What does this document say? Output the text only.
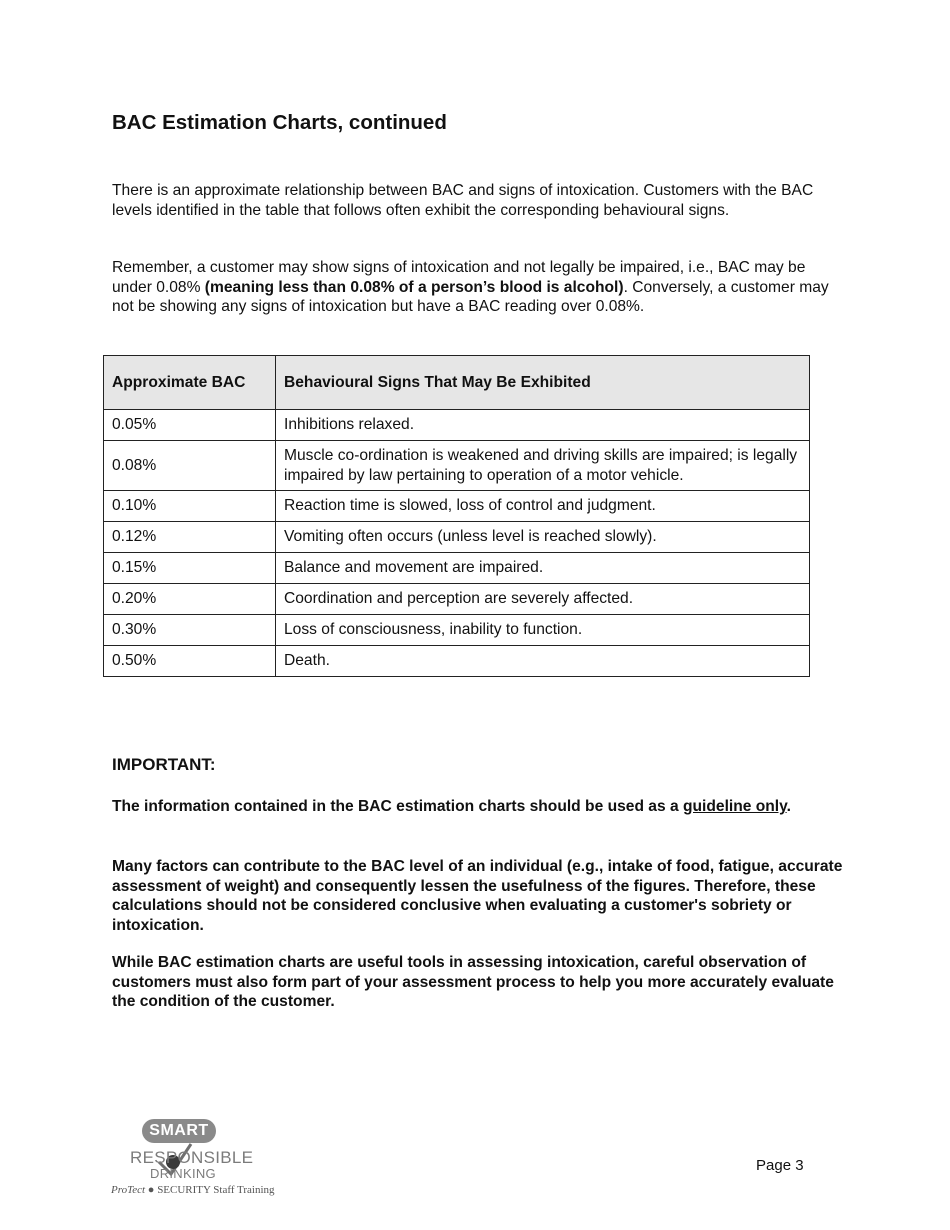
BAC Estimation Charts, continued
There is an approximate relationship between BAC and signs of intoxication. Customers with the BAC levels identified in the table that follows often exhibit the corresponding behavioural signs.
Remember, a customer may show signs of intoxication and not legally be impaired, i.e., BAC may be under 0.08% (meaning less than 0.08% of a person’s blood is alcohol). Conversely, a customer may not be showing any signs of intoxication but have a BAC reading over 0.08%.
Approximate BAC	Behavioural Signs That May Be Exhibited
0.05%	Inhibitions relaxed.
0.08%	Muscle co-ordination is weakened and driving skills are impaired; is legally impaired by law pertaining to operation of a motor vehicle.
0.10%	Reaction time is slowed, loss of control and judgment.
0.12%	Vomiting often occurs (unless level is reached slowly).
0.15%	Balance and movement are impaired.
0.20%	Coordination and perception are severely affected.
0.30%	Loss of consciousness, inability to function.
0.50%	Death.
IMPORTANT:
The information contained in the BAC estimation charts should be used as a guideline only.
Many factors can contribute to the BAC level of an individual (e.g., intake of food, fatigue, accurate assessment of weight) and consequently lessen the usefulness of the figures. Therefore, these calculations should not be considered conclusive when evaluating a customer's sobriety or intoxication.
While BAC estimation charts are useful tools in assessing intoxication, careful observation of customers must also form part of your assessment process to help you more accurately evaluate the condition of the customer.
SMART
RESPONSIBLE
DRINKING
ProTect ● SECURITY Staff Training
Page 3
